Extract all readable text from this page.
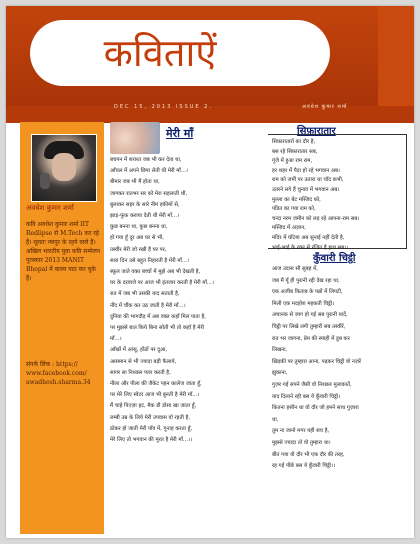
कविताऐं
DEC 15, 2013 ISSUE 2.	अवधेश कुमार शर्मा
अवधेश कुमार शर्मा
कवि अवधेश कुमार शर्मा IIT Redlipse से M.Tech कर रहे हैं। मूलतः नवपुर के रहने वाले हैं। अखिल भारतीय युवा कवि सम्मेलन पुरस्कार 2013 MANIT Bhopal में काव्य पाठ कर चुके हैं।
संपर्क लिंक : https:// www.facebook.com/ awadhesh.sharma.34
मेरी माँ
बचपन में शरारत जब भी कर देता था,
आँचल में अपने छिपा लेती थी मेरी माँ...।
बीमार जब भी मैं होता था,
जागकर रातभर सर को मेरा सहलाती थी,
बुलाकर सहर के सारे नीम हकीमों से,
झाड़-फूंक कराया देती थी मेरी माँ...।
कुछ बनना था, कुछ बनना था,
हो गया हूँ दूर अब घर से भी,
तस्वीर मेरी जो रखी है घर पर,
सारा दिन उसे बहुत निहारती है मेरी माँ...।
स्कूल जाते वक्त बच्चों में मुझे अब भी देखती है,
घर के दरवाजे पर आज भी इंतजार करती है मेरी माँ...।
रात में जब भी उसकी याद सताती है,
नींद में चौंक कर उठ जाती है मेरी माँ...।
दुनिया की भागदौड़ में अब वक्त कहाँ मिल पाता है,
पर मुझसे बात किये बिना सोती भी तो कहाँ है मेरी
माँ...।
आँखों में आंसू, होंठों पर दुआ,
आसमान से भी ज्यादा बड़ी फैलाये,
सागर सा निश्छल प्यार करती है,
नीला और पीला की जैकेट पहन कालेज जाता हूँ,
पर मेरे लिए स्वेटर आज भी बुनती है मेरी माँ...।
मैं चाहे पिज़्ज़ा हट, मैक डी डोसा खा जाता हूँ,
लम्बी उम्र के लिये मेरी उपवास वो रहती है,
ठोकर हो जाती मेरी पाँव में, गुनाह करता हूँ,
मेरे लिए तो भगवान की मूरत है मेरी माँ...।।
सिफ़ारातार
सिफ़ारातारों का दौर है,
बस रहे सिफ़ारातार सब,
गूंजे में हुआ राम राम,
हर शहर में पैदा हो रहे भगवान अब।
राम को जमीं पर उतारा था चाँद कभी,
उतरने लगे हैं चुनाव में भगवान अब।
मुल्ला का बेट मस्जिद को,
पंडित का गया राम को,
चन्दा नरम जमीन को लड़ रहे आपना-राम सब।
मस्जिद में अज़ान,
मंदिर में घंटिया अब सुनाई नहीं देती है,
भाई-भाई के रक्त से रंजित है हाथ सब।।
कुँवारी चिट्ठी
आज उदास सी सुबह में,
जब मैं यूँ ही पुरानी रद्दी देख रहा था,
एक अजीब किताब के पन्नों में लिपटी,
मिली एक मदहोश महकती चिट्ठी।
अचानक से जाग हो गई सब पुरानी यादें,
चिट्ठी पर लिखे लगी तुम्हारी सब तस्वीरें,
रात भर जागना, प्रेम की स्याही में डूब कर
लिखना,
खिड़की पर तुम्हारा आना, पढ़कर चिट्ठी वो नज़रें
झुकाना,
गुज़र गई सपने जैसी वो निश्छल मुलाकातें,
याद दिलाने रही बस ये कुँवारी चिट्ठी।
कितना हसीन था वो दौर जो हमने साथ गुज़ारा
था,
तुम ना जानो मगर यही सच है,
मुझसे ज्यादा तो वो तुम्हारा था।
बीत गया वो दौर भी एक दौर की तरह,
रह गई पीछे बस ये कुँवारी चिट्ठी।।
